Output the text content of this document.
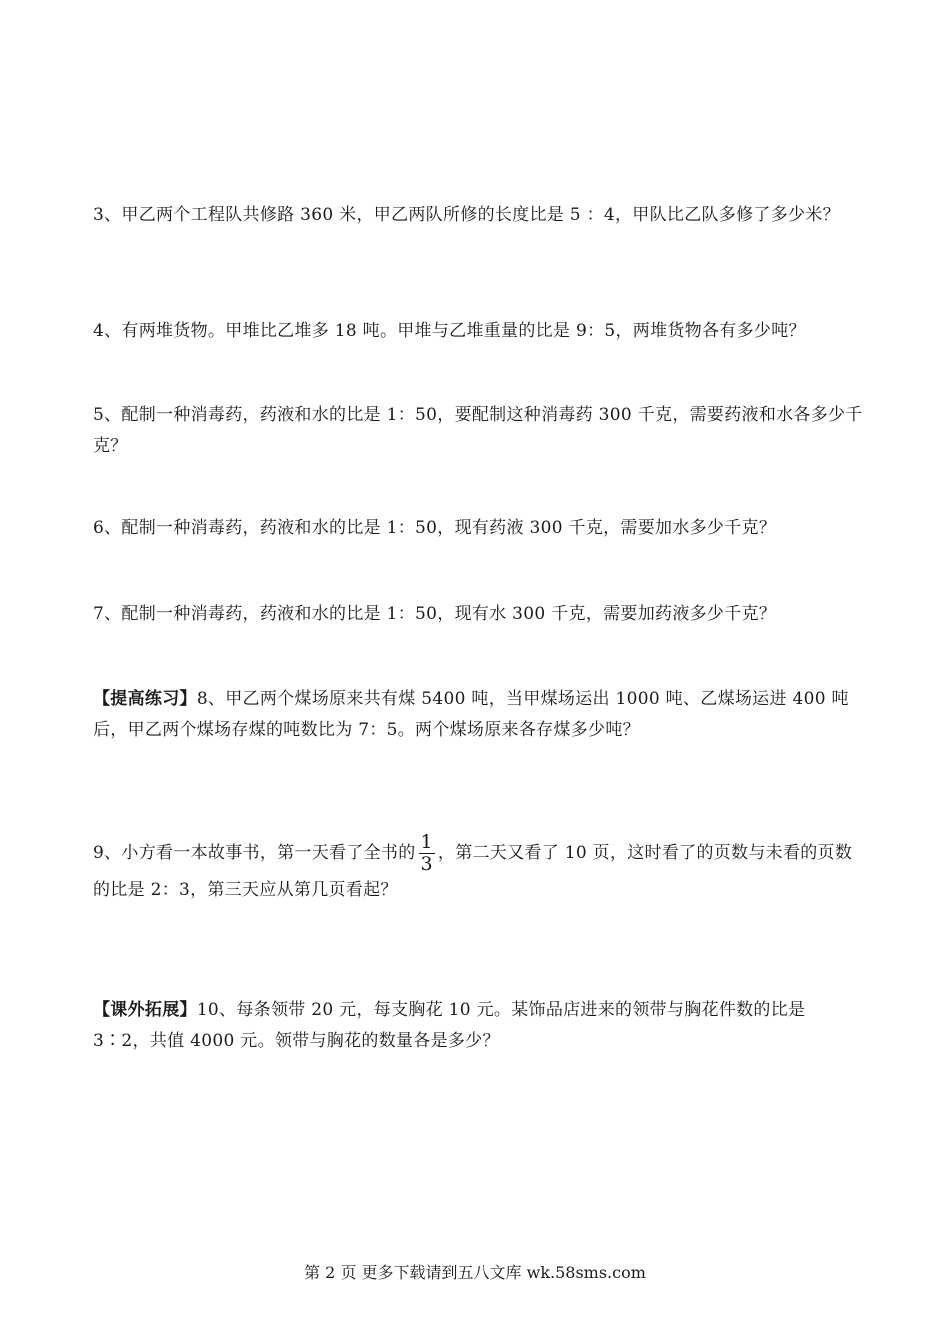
3、甲乙两个工程队共修路 360 米，甲乙两队所修的长度比是 5 ：4，甲队比乙队多修了多少米？
4、有两堆货物。甲堆比乙堆多 18 吨。甲堆与乙堆重量的比是 9：5，两堆货物各有多少吨？
5、配制一种消毒药，药液和水的比是 1：50，要配制这种消毒药 300 千克，需要药液和水各多少千克？
6、配制一种消毒药，药液和水的比是 1：50，现有药液 300 千克，需要加水多少千克？
7、配制一种消毒药，药液和水的比是 1：50，现有水 300 千克，需要加药液多少千克？
【提高练习】8、甲乙两个煤场原来共有煤 5400 吨，当甲煤场运出 1000 吨、乙煤场运进 400 吨后，甲乙两个煤场存煤的吨数比为 7：5。两个煤场原来各存煤多少吨？
9、小方看一本故事书，第一天看了全书的 $\frac{1}{3}$ ，第二天又看了 10 页，这时看了的页数与未看的页数的比是 2：3，第三天应从第几页看起？
【课外拓展】10、每条领带 20 元，每支胸花 10 元。某饰品店进来的领带与胸花件数的比是 3∶2，共值 4000 元。领带与胸花的数量各是多少？
第 2 页 更多下载请到五八文库 wk.58sms.com
